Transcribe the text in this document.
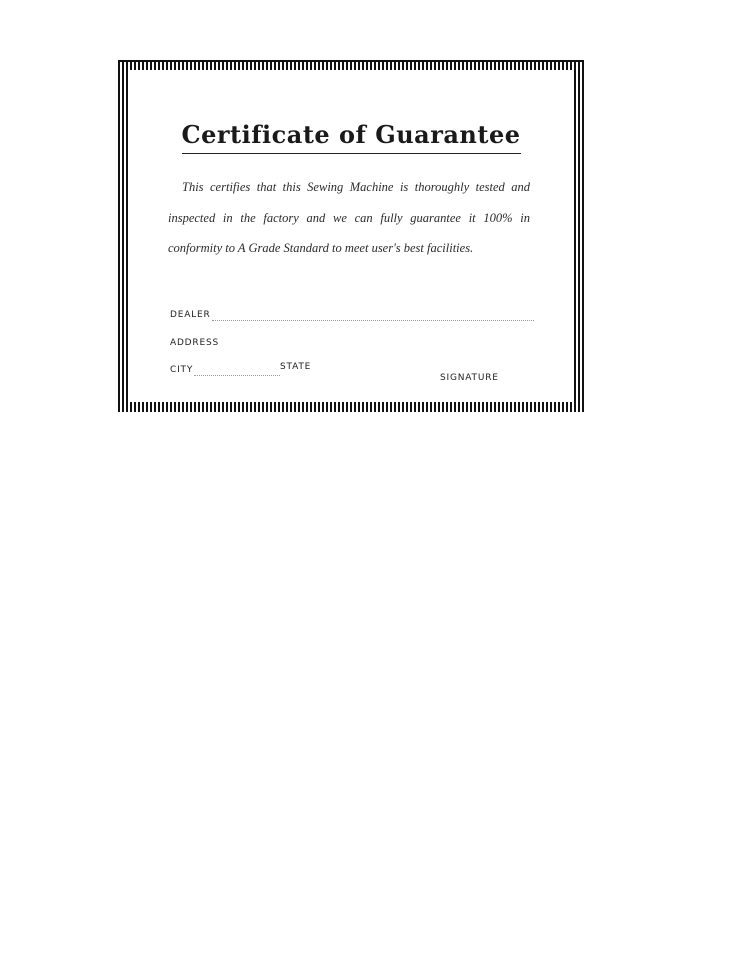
Certificate of Guarantee
This certifies that this Sewing Machine is thoroughly tested and inspected in the factory and we can fully guarantee it 100% in conformity to A Grade Standard to meet user's best facilities.
DEALER
ADDRESS
CITY	STATE
SIGNATURE
